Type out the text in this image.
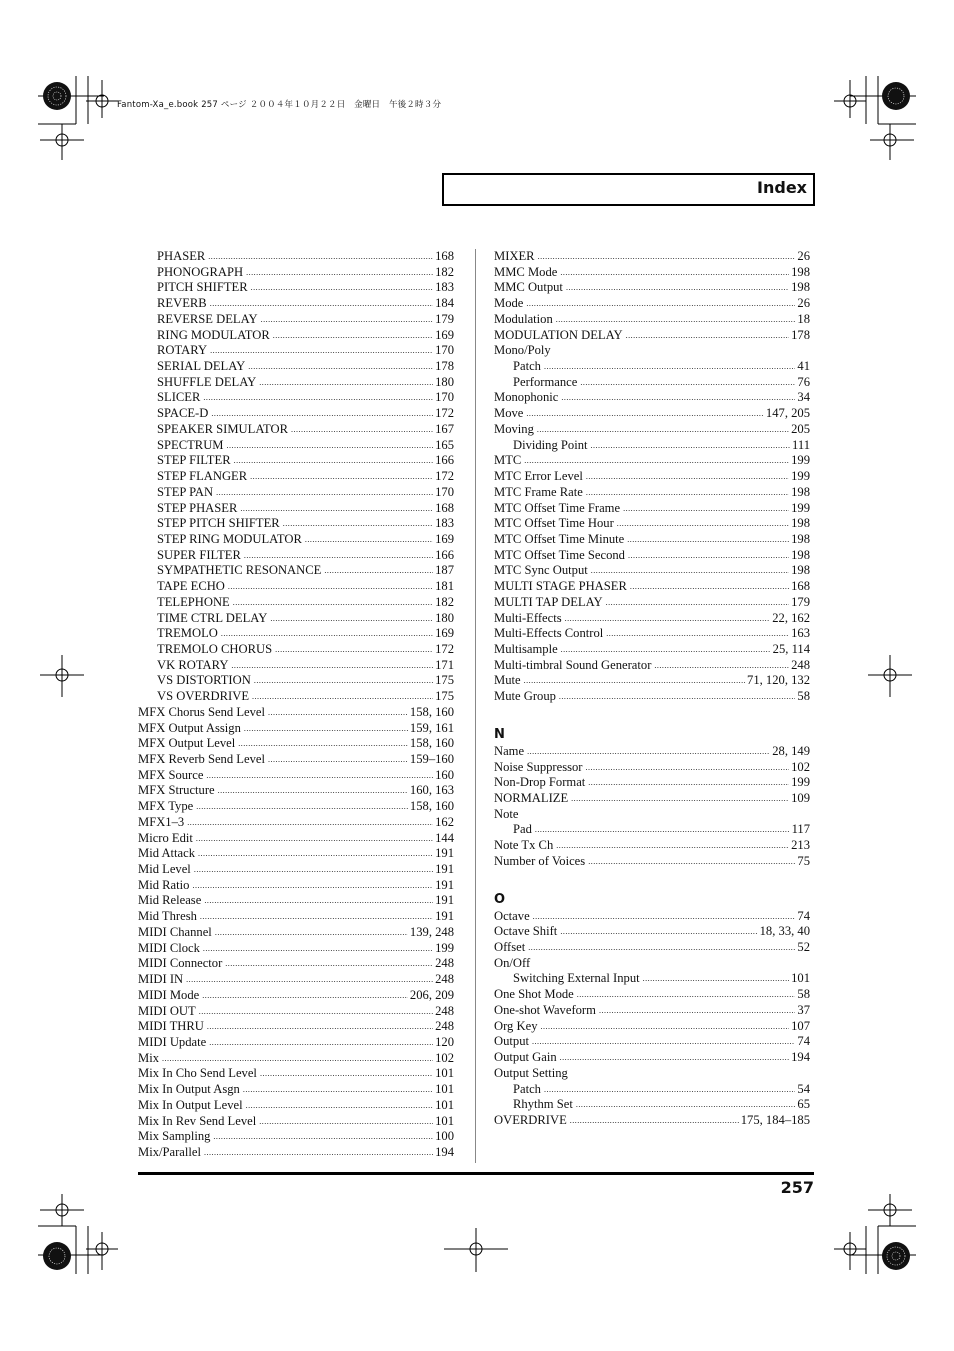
Fantom-Xa_e.book 257 ページ ２００４年１０月２２日　金曜日　午後２時３分
Index
PHASER .....	168
PHONOGRAPH .....	182
PITCH SHIFTER .....	183
REVERB .....	184
REVERSE DELAY .....	179
RING MODULATOR .....	169
ROTARY .....	170
SERIAL DELAY .....	178
SHUFFLE DELAY .....	180
SLICER .....	170
SPACE-D .....	172
SPEAKER SIMULATOR .....	167
SPECTRUM .....	165
STEP FILTER .....	166
STEP FLANGER .....	172
STEP PAN .....	170
STEP PHASER .....	168
STEP PITCH SHIFTER .....	183
STEP RING MODULATOR .....	169
SUPER FILTER .....	166
SYMPATHETIC RESONANCE .....	187
TAPE ECHO .....	181
TELEPHONE .....	182
TIME CTRL DELAY .....	180
TREMOLO .....	169
TREMOLO CHORUS .....	172
VK ROTARY .....	171
VS DISTORTION .....	175
VS OVERDRIVE .....	175
MFX Chorus Send Level .....	158, 160
MFX Output Assign .....	159, 161
MFX Output Level .....	158, 160
MFX Reverb Send Level .....	159–160
MFX Source .....	160
MFX Structure .....	160, 163
MFX Type .....	158, 160
MFX1–3 .....	162
Micro Edit .....	144
Mid Attack .....	191
Mid Level .....	191
Mid Ratio .....	191
Mid Release .....	191
Mid Thresh .....	191
MIDI Channel .....	139, 248
MIDI Clock .....	199
MIDI Connector .....	248
MIDI IN .....	248
MIDI Mode .....	206, 209
MIDI OUT .....	248
MIDI THRU .....	248
MIDI Update .....	120
Mix .....	102
Mix In Cho Send Level .....	101
Mix In Output Asgn .....	101
Mix In Output Level .....	101
Mix In Rev Send Level .....	101
Mix Sampling .....	100
Mix/Parallel .....	194
MIXER .....	26
MMC Mode .....	198
MMC Output .....	198
Mode .....	26
Modulation .....	18
MODULATION DELAY .....	178
Mono/Poly
Patch .....	41
Performance .....	76
Monophonic .....	34
Move .....	147, 205
Moving .....	205
Dividing Point .....	111
MTC .....	199
MTC Error Level .....	199
MTC Frame Rate .....	198
MTC Offset Time Frame .....	199
MTC Offset Time Hour .....	198
MTC Offset Time Minute .....	198
MTC Offset Time Second .....	198
MTC Sync Output .....	198
MULTI STAGE PHASER .....	168
MULTI TAP DELAY .....	179
Multi-Effects .....	22, 162
Multi-Effects Control .....	163
Multisample .....	25, 114
Multi-timbral Sound Generator .....	248
Mute .....	71, 120, 132
Mute Group .....	58
N
Name .....	28, 149
Noise Suppressor .....	102
Non-Drop Format .....	199
NORMALIZE .....	109
Note
Pad .....	117
Note Tx Ch .....	213
Number of Voices .....	75
O
Octave .....	74
Octave Shift .....	18, 33, 40
Offset .....	52
On/Off
Switching External Input .....	101
One Shot Mode .....	58
One-shot Waveform .....	37
Org Key .....	107
Output .....	74
Output Gain .....	194
Output Setting
Patch .....	54
Rhythm Set .....	65
OVERDRIVE .....	175, 184–185
257
